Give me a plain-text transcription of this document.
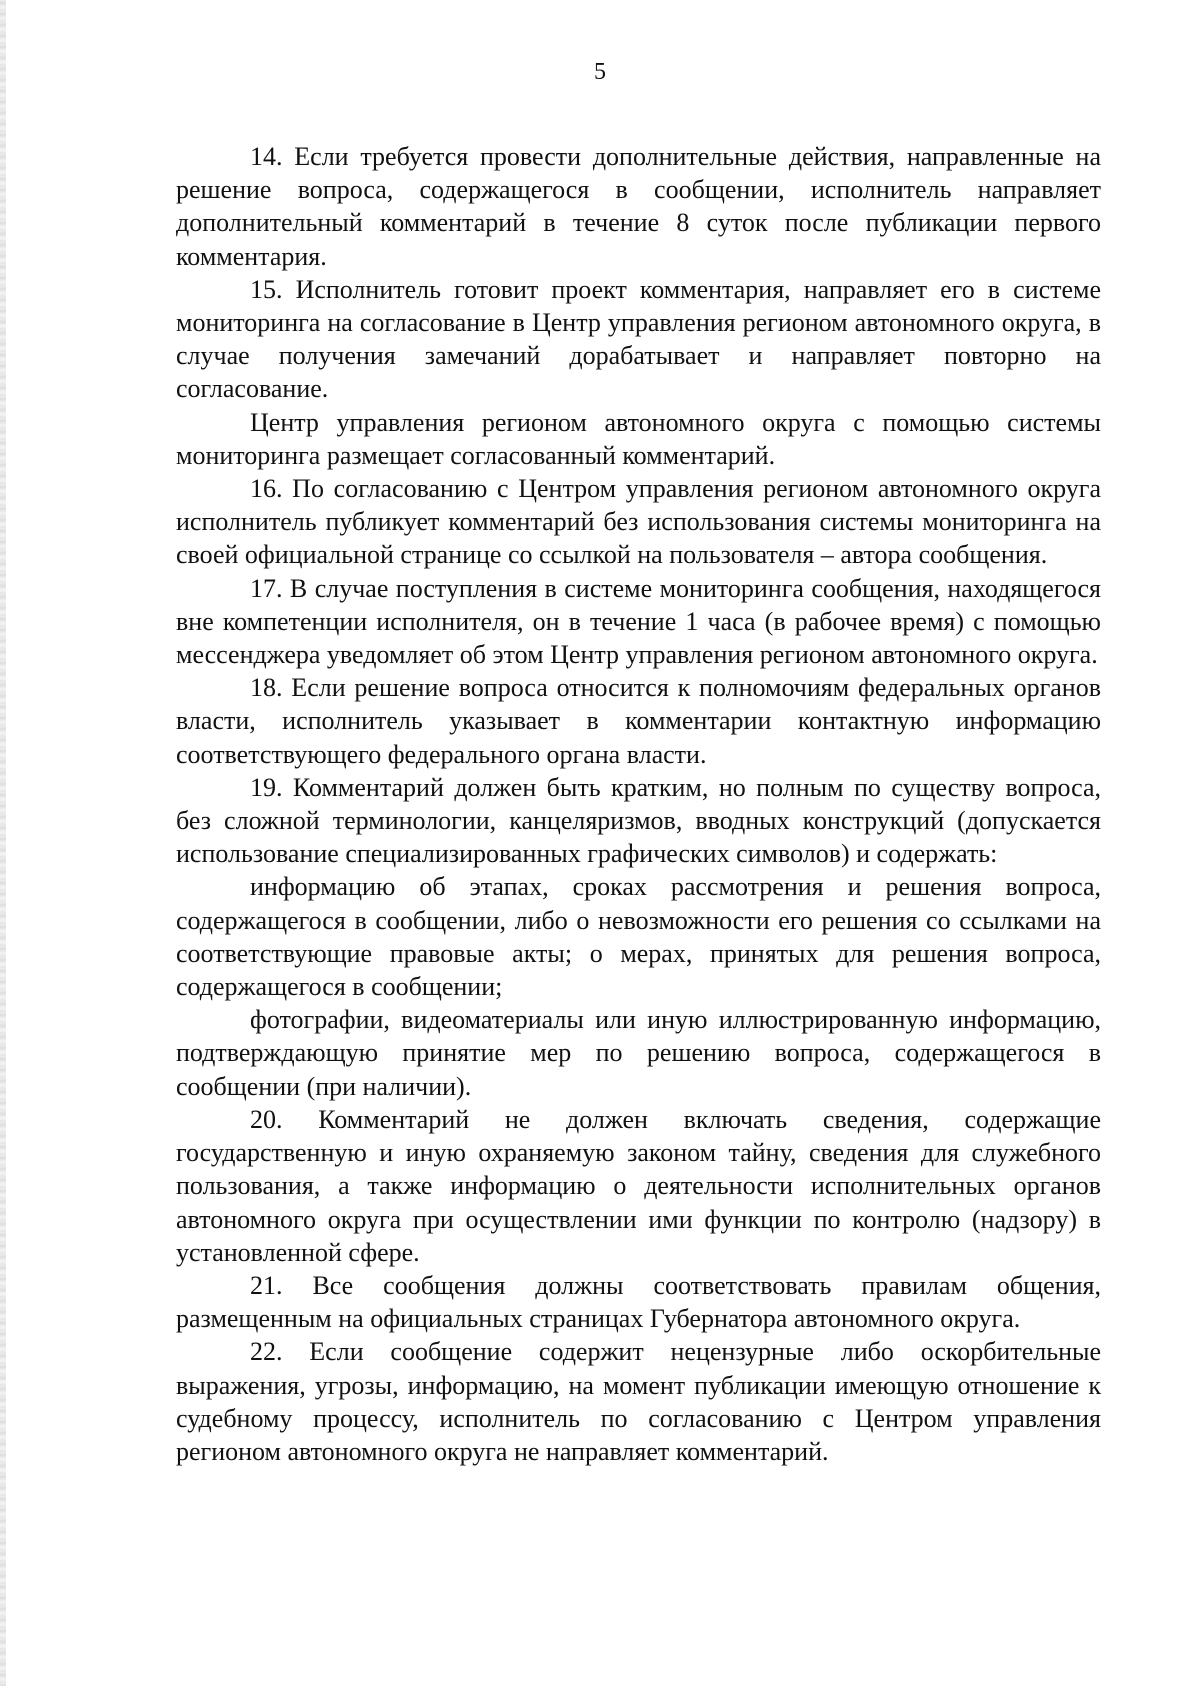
5

14. Если требуется провести дополнительные действия, направленные на решение вопроса, содержащегося в сообщении, исполнитель направляет дополнительный комментарий в течение 8 суток после публикации первого комментария.

15. Исполнитель готовит проект комментария, направляет его в системе мониторинга на согласование в Центр управления регионом автономного округа, в случае получения замечаний дорабатывает и направляет повторно на согласование.

Центр управления регионом автономного округа с помощью системы мониторинга размещает согласованный комментарий.

16. По согласованию с Центром управления регионом автономного округа исполнитель публикует комментарий без использования системы мониторинга на своей официальной странице со ссылкой на пользователя – автора сообщения.

17. В случае поступления в системе мониторинга сообщения, находящегося вне компетенции исполнителя, он в течение 1 часа (в рабочее время) с помощью мессенджера уведомляет об этом Центр управления регионом автономного округа.

18. Если решение вопроса относится к полномочиям федеральных органов власти, исполнитель указывает в комментарии контактную информацию соответствующего федерального органа власти.

19. Комментарий должен быть кратким, но полным по существу вопроса, без сложной терминологии, канцеляризмов, вводных конструкций (допускается использование специализированных графических символов) и содержать:

информацию об этапах, сроках рассмотрения и решения вопроса, содержащегося в сообщении, либо о невозможности его решения со ссылками на соответствующие правовые акты; о мерах, принятых для решения вопроса, содержащегося в сообщении;

фотографии, видеоматериалы или иную иллюстрированную информацию, подтверждающую принятие мер по решению вопроса, содержащегося в сообщении (при наличии).

20. Комментарий не должен включать сведения, содержащие государственную и иную охраняемую законом тайну, сведения для служебного пользования, а также информацию о деятельности исполнительных органов автономного округа при осуществлении ими функции по контролю (надзору) в установленной сфере.

21. Все сообщения должны соответствовать правилам общения, размещенным на официальных страницах Губернатора автономного округа.

22. Если сообщение содержит нецензурные либо оскорбительные выражения, угрозы, информацию, на момент публикации имеющую отношение к судебному процессу, исполнитель по согласованию с Центром управления регионом автономного округа не направляет комментарий.
